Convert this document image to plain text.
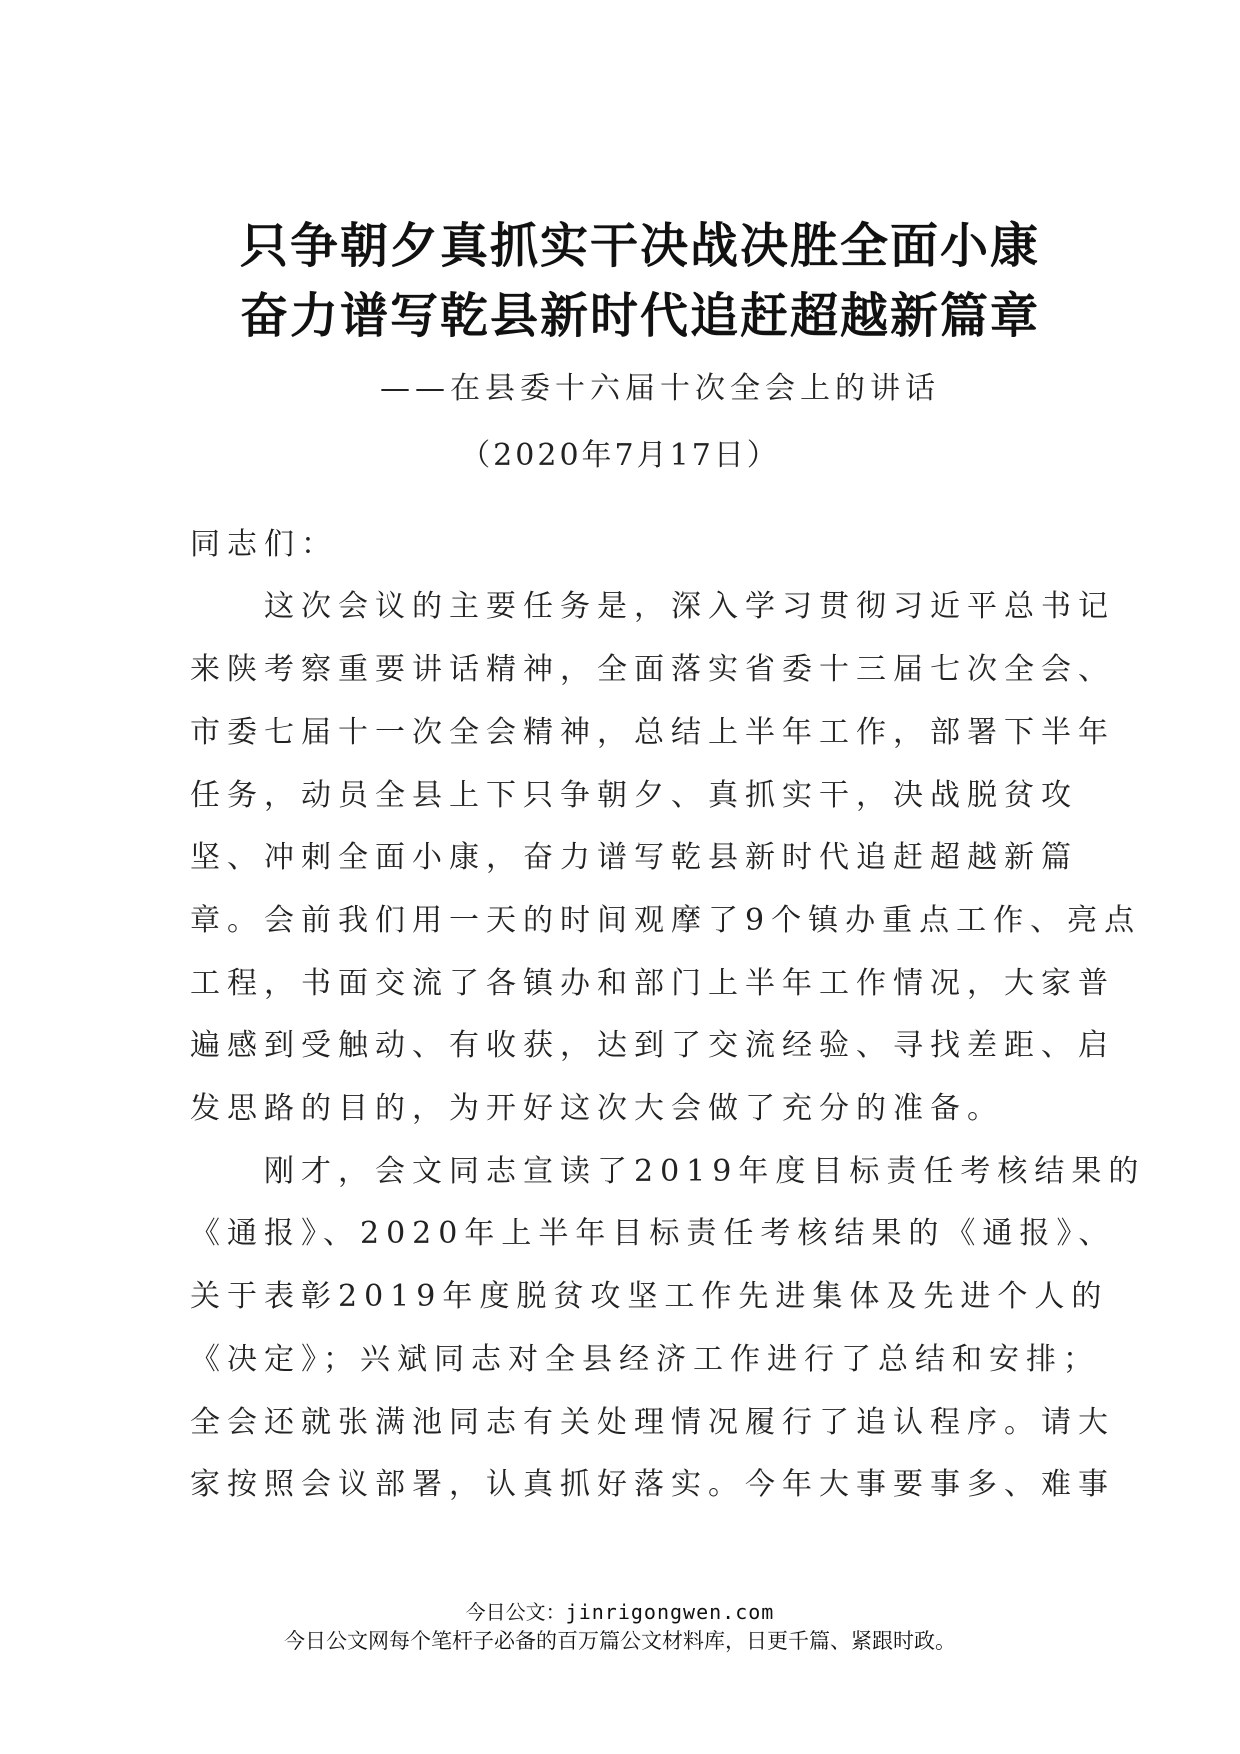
只争朝夕真抓实干决战决胜全面小康
奋力谱写乾县新时代追赶超越新篇章
——在县委十六届十次全会上的讲话
（2020年7月17日）
同志们：
　　这次会议的主要任务是，深入学习贯彻习近平总书记
来陕考察重要讲话精神，全面落实省委十三届七次全会、
市委七届十一次全会精神，总结上半年工作，部署下半年
任务，动员全县上下只争朝夕、真抓实干，决战脱贫攻
坚、冲刺全面小康，奋力谱写乾县新时代追赶超越新篇
章。会前我们用一天的时间观摩了9个镇办重点工作、亮点
工程，书面交流了各镇办和部门上半年工作情况，大家普
遍感到受触动、有收获，达到了交流经验、寻找差距、启
发思路的目的，为开好这次大会做了充分的准备。
　　刚才，会文同志宣读了2019年度目标责任考核结果的
《通报》、2020年上半年目标责任考核结果的《通报》、
关于表彰2019年度脱贫攻坚工作先进集体及先进个人的
《决定》；兴斌同志对全县经济工作进行了总结和安排；
全会还就张满池同志有关处理情况履行了追认程序。请大
家按照会议部署，认真抓好落实。今年大事要事多、难事
今日公文：jinrigongwen.com
今日公文网每个笔杆子必备的百万篇公文材料库，日更千篇、紧跟时政。
